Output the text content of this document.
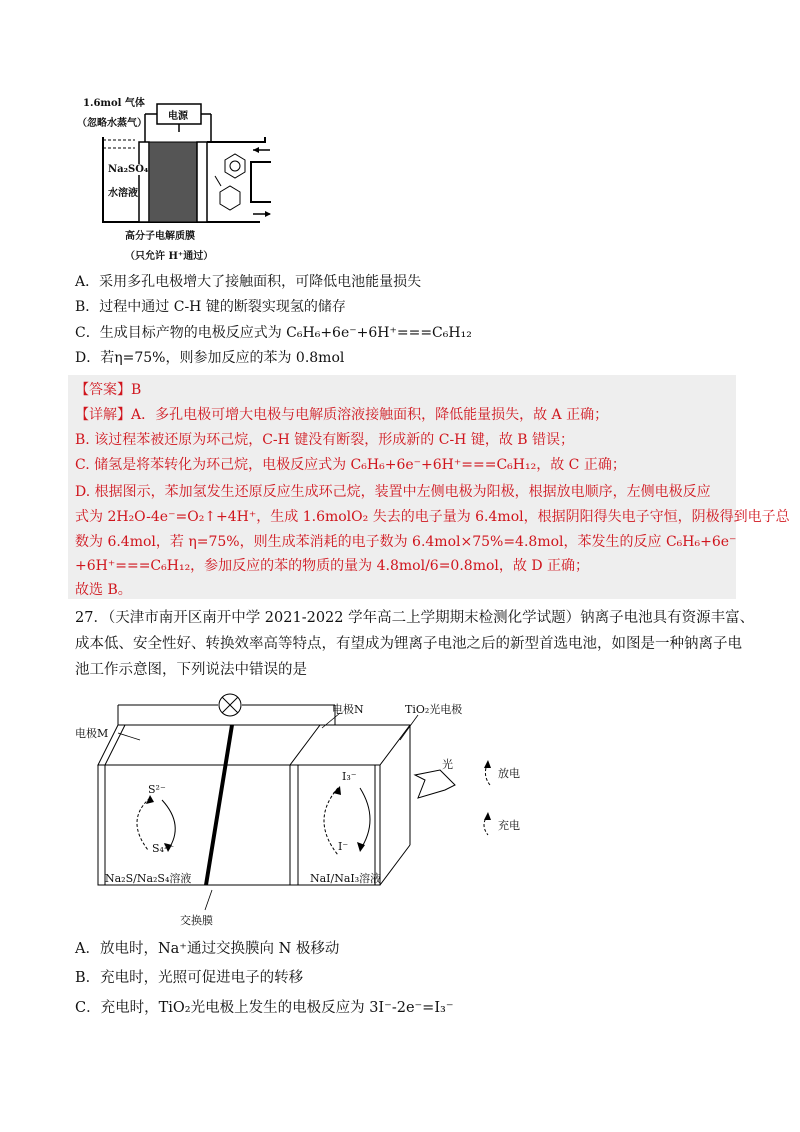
1.6mol 气体
（忽略水蒸气）
电源
Na₂SO₄
水溶液
高分子电解质膜
（只允许 H⁺通过）
A．采用多孔电极增大了接触面积，可降低电池能量损失
B．过程中通过 C-H 键的断裂实现氢的储存
C．生成目标产物的电极反应式为 C₆H₆+6e⁻+6H⁺===C₆H₁₂
D．若η=75%，则参加反应的苯为 0.8mol
【答案】B
【详解】A．多孔电极可增大电极与电解质溶液接触面积，降低能量损失，故 A 正确；
B. 该过程苯被还原为环己烷，C-H 键没有断裂，形成新的 C-H 键，故 B 错误；
C. 储氢是将苯转化为环己烷，电极反应式为 C₆H₆+6e⁻+6H⁺===C₆H₁₂，故 C 正确；
D. 根据图示，苯加氢发生还原反应生成环己烷，装置中左侧电极为阳极，根据放电顺序，左侧电极反应
式为 2H₂O-4e⁻=O₂↑+4H⁺，生成 1.6molO₂ 失去的电子量为 6.4mol，根据阴阳得失电子守恒，阴极得到电子总
数为 6.4mol，若 η=75%，则生成苯消耗的电子数为 6.4mol×75%=4.8mol，苯发生的反应 C₆H₆+6e⁻
+6H⁺===C₆H₁₂，参加反应的苯的物质的量为 4.8mol/6=0.8mol，故 D 正确；
故选 B。
27．（天津市南开区南开中学 2021-2022 学年高二上学期期末检测化学试题）钠离子电池具有资源丰富、
成本低、安全性好、转换效率高等特点，有望成为锂离子电池之后的新型首选电池，如图是一种钠离子电
池工作示意图，下列说法中错误的是
电极M
电极N	TiO₂光电极
光
S²⁻
S₄²⁻
I₃⁻
I⁻
Na₂S/Na₂S₄溶液	NaI/NaI₃溶液
交换膜
放电
充电
A．放电时，Na⁺通过交换膜向 N 极移动
B．充电时，光照可促进电子的转移
C．充电时，TiO₂光电极上发生的电极反应为 3I⁻-2e⁻=I₃⁻
